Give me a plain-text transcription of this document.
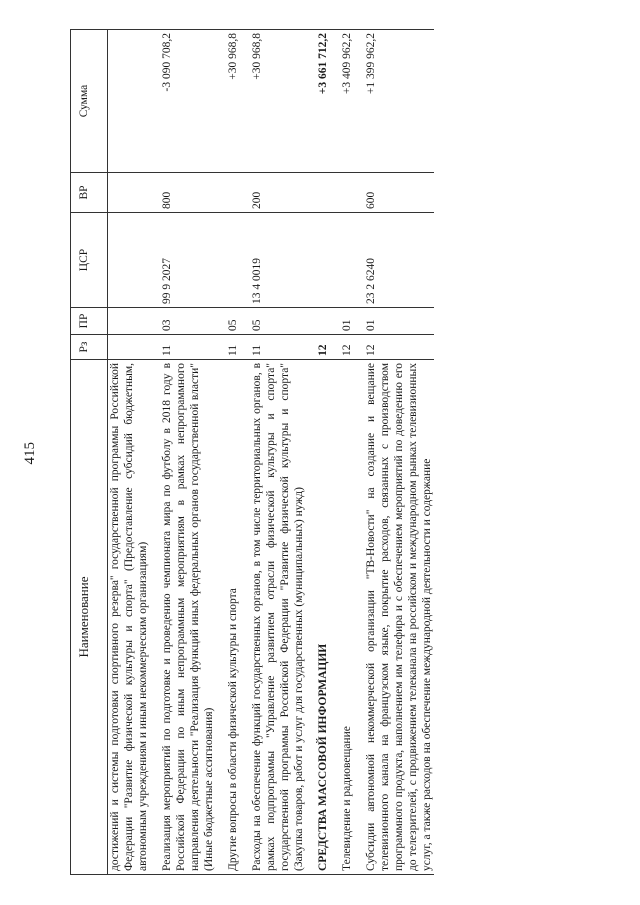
415
Наименование	Рз	ПР	ЦСР	ВР	Сумма
достижений и системы подготовки спортивного резерва" государственной программы Российской Федерации "Развитие физической культуры и спорта" (Предоставление субсидий бюджетным, автономным учреждениям и иным некоммерческим организациям)					

Реализация мероприятий по подготовке и проведению чемпионата мира по футболу в 2018 году в Российской Федерации по иным непрограммным мероприятиям в рамках непрограммного направления деятельности "Реализация функций иных федеральных органов государственной власти" (Иные бюджетные ассигнования)	11	03	99 9 2027	800	-3 090 708,2

Другие вопросы в области физической культуры и спорта	11	05			+30 968,8

Расходы на обеспечение функций государственных органов, в том числе территориальных органов, в рамках подпрограммы "Управление развитием отрасли физической культуры и спорта" государственной программы Российской Федерации "Развитие физической культуры и спорта" (Закупка товаров, работ и услуг для государственных (муниципальных) нужд)	11	05	13 4 0019	200	+30 968,8

СРЕДСТВА МАССОВОЙ ИНФОРМАЦИИ	12				+3 661 712,2

Телевидение и радиовещание	12	01			+3 409 962,2

Субсидии автономной некоммерческой организации "ТВ-Новости" на создание и вещание телевизионного канала на французском языке, покрытие расходов, связанных с производством программного продукта, наполнением им телефира и с обеспечением мероприятий по доведению его до телезрителей, с продвижением телеканала на российском и международном рынках телевизионных услуг, а также расходов на обеспечение международной деятельности и содержание	12	01	23 2 6240	600	+1 399 962,2
